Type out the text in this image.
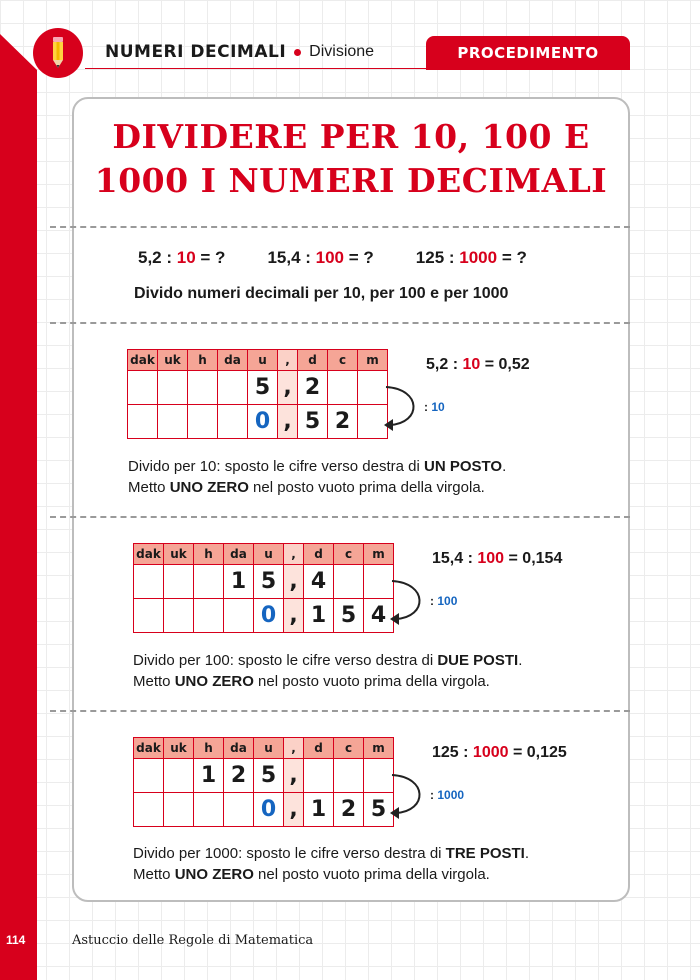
NUMERI DECIMALI Divisione	PROCEDIMENTO
DIVIDERE PER 10, 100 E
1000 I NUMERI DECIMALI
5,2 : 10 = ? 15,4 : 100 = ? 125 : 1000 = ?
Divido numeri decimali per 10, per 100 e per 1000
dak	uk	h	da	u	,	d	c	m
				5	,	2		
				0	,	5	2	
5,2 : 10 = 0,52
: 10
Divido per 10: sposto le cifre verso destra di UN POSTO.
Metto UNO ZERO nel posto vuoto prima della virgola.
dak	uk	h	da	u	,	d	c	m
			1	5	,	4		
				0	,	1	5	4
15,4 : 100 = 0,154
: 100
Divido per 100: sposto le cifre verso destra di DUE POSTI.
Metto UNO ZERO nel posto vuoto prima della virgola.
dak	uk	h	da	u	,	d	c	m
		1	2	5	,			
				0	,	1	2	5
125 : 1000 = 0,125
: 1000
Divido per 1000: sposto le cifre verso destra di TRE POSTI.
Metto UNO ZERO nel posto vuoto prima della virgola.
114	Astuccio delle Regole di Matematica
